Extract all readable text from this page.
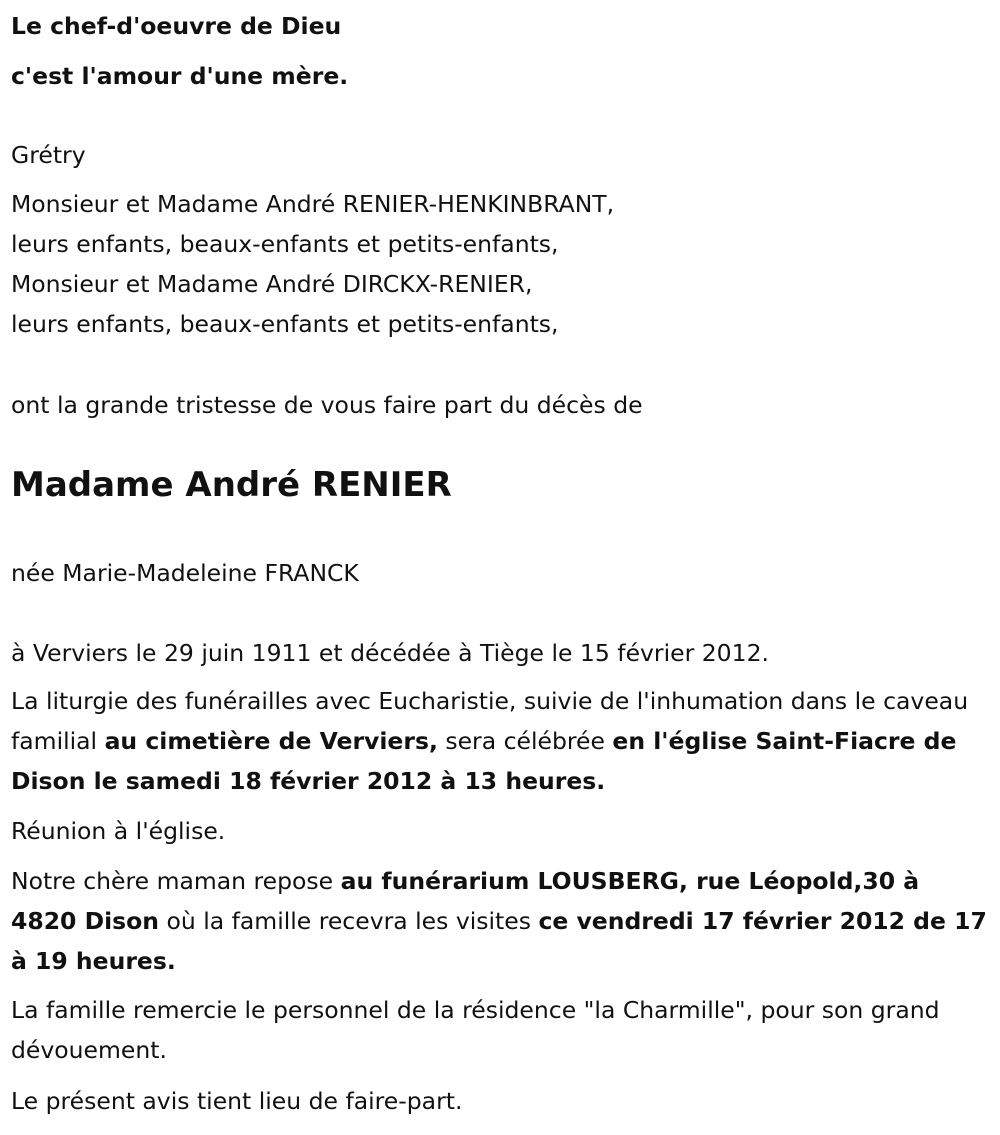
Le chef-d'oeuvre de Dieu
c'est l'amour d'une mère.
Grétry
Monsieur et Madame André RENIER-HENKINBRANT,
leurs enfants, beaux-enfants et petits-enfants,
Monsieur et Madame André DIRCKX-RENIER,
leurs enfants, beaux-enfants et petits-enfants,
ont la grande tristesse de vous faire part du décès de
Madame André RENIER
née Marie-Madeleine FRANCK
à Verviers le 29 juin 1911 et décédée à Tiège le 15 février 2012.
La liturgie des funérailles avec Eucharistie, suivie de l'inhumation dans le caveau familial au cimetière de Verviers, sera célébrée en l'église Saint-Fiacre de Dison le samedi 18 février 2012 à 13 heures.
Réunion à l'église.
Notre chère maman repose au funérarium LOUSBERG, rue Léopold,30 à 4820 Dison où la famille recevra les visites ce vendredi 17 février 2012 de 17 à 19 heures.
La famille remercie le personnel de la résidence "la Charmille", pour son grand dévouement.
Le présent avis tient lieu de faire-part.
